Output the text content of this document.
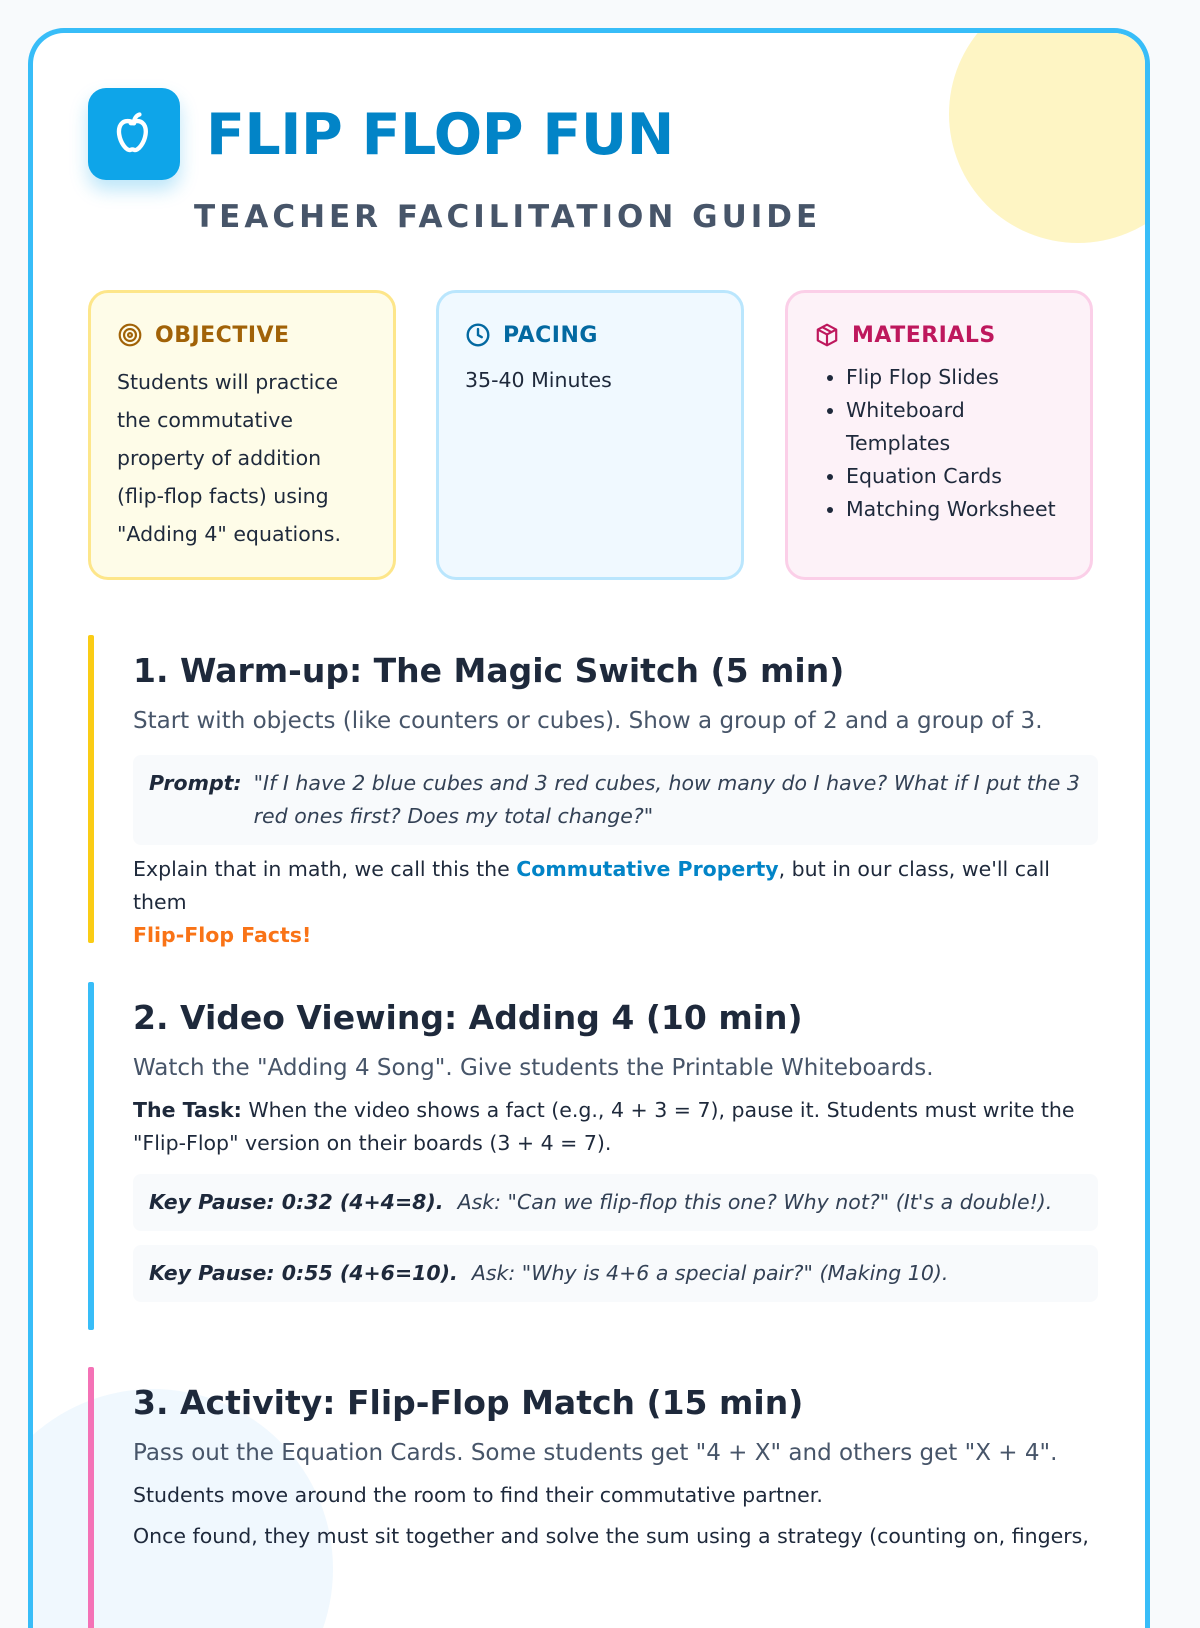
FLIP FLOP FUN

TEACHER FACILITATION GUIDE

OBJECTIVE
Students will practice the commutative property of addition (flip-flop facts) using "Adding 4" equations.
PACING
35-40 Minutes
MATERIALS
• Flip Flop Slides
• Whiteboard Templates
• Equation Cards
• Matching Worksheet
1. Warm-up: The Magic Switch (5 min)

Start with objects (like counters or cubes). Show a group of 2 and a group of 3.

Prompt: "If I have 2 blue cubes and 3 red cubes, how many do I have? What if I put the 3 red ones first? Does my total change?"

Explain that in math, we call this the Commutative Property, but in our class, we'll call them
Flip-Flop Facts!

2. Video Viewing: Adding 4 (10 min)

Watch the "Adding 4 Song". Give students the Printable Whiteboards.

The Task: When the video shows a fact (e.g., 4 + 3 = 7), pause it. Students must write the "Flip-Flop" version on their boards (3 + 4 = 7).

Key Pause: 0:32 (4+4=8). Ask: "Can we flip-flop this one? Why not?" (It's a double!).
Key Pause: 0:55 (4+6=10). Ask: "Why is 4+6 a special pair?" (Making 10).
3. Activity: Flip-Flop Match (15 min)

Pass out the Equation Cards. Some students get "4 + X" and others get "X + 4".

Students move around the room to find their commutative partner.

Once found, they must sit together and solve the sum using a strategy (counting on, fingers,
